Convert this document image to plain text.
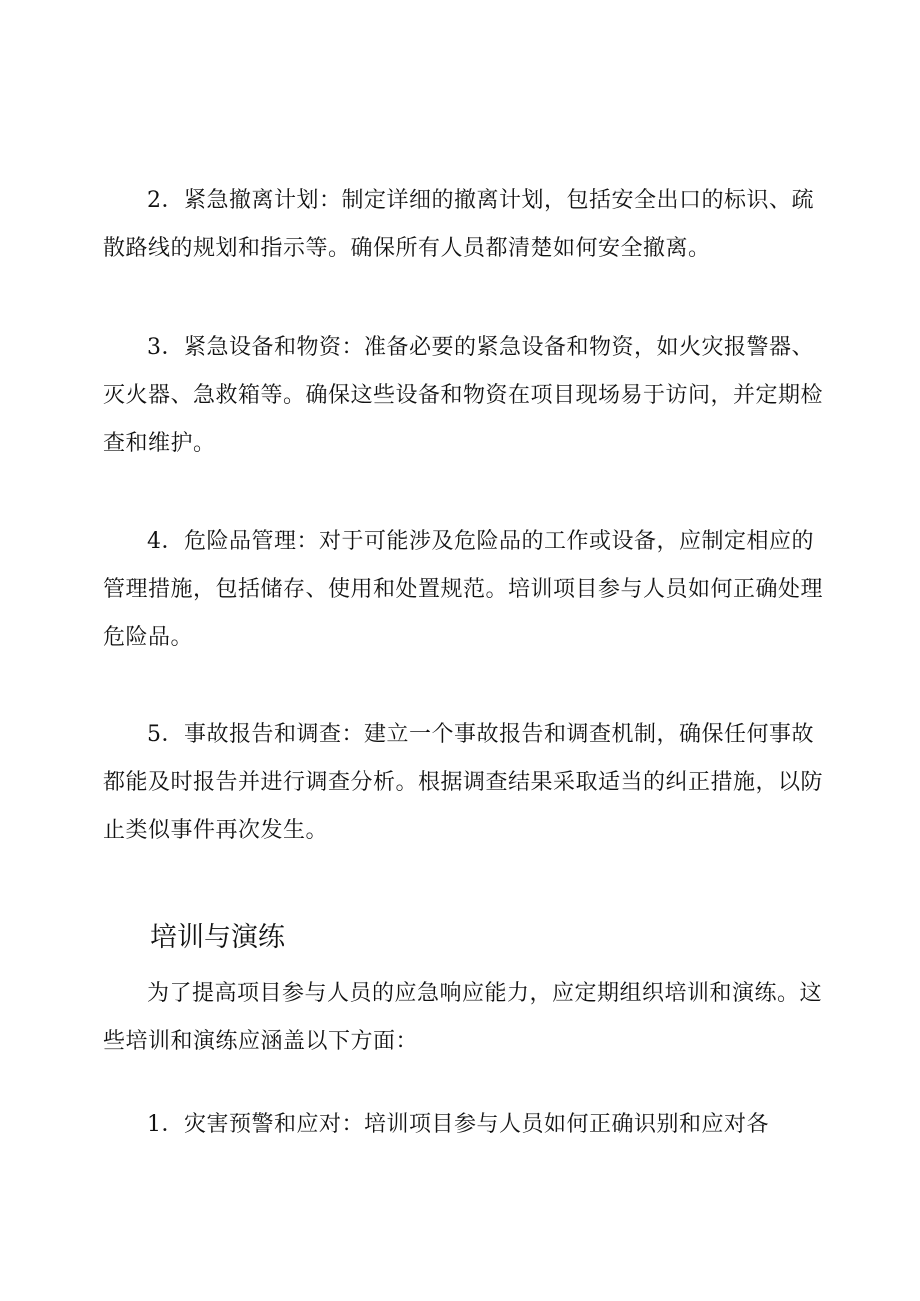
2．紧急撤离计划：制定详细的撤离计划，包括安全出口的标识、疏散路线的规划和指示等。确保所有人员都清楚如何安全撤离。

3．紧急设备和物资：准备必要的紧急设备和物资，如火灾报警器、灭火器、急救箱等。确保这些设备和物资在项目现场易于访问，并定期检查和维护。

4．危险品管理：对于可能涉及危险品的工作或设备，应制定相应的管理措施，包括储存、使用和处置规范。培训项目参与人员如何正确处理危险品。

5．事故报告和调查：建立一个事故报告和调查机制，确保任何事故都能及时报告并进行调查分析。根据调查结果采取适当的纠正措施，以防止类似事件再次发生。

培训与演练

为了提高项目参与人员的应急响应能力，应定期组织培训和演练。这些培训和演练应涵盖以下方面：

1．灾害预警和应对：培训项目参与人员如何正确识别和应对各
